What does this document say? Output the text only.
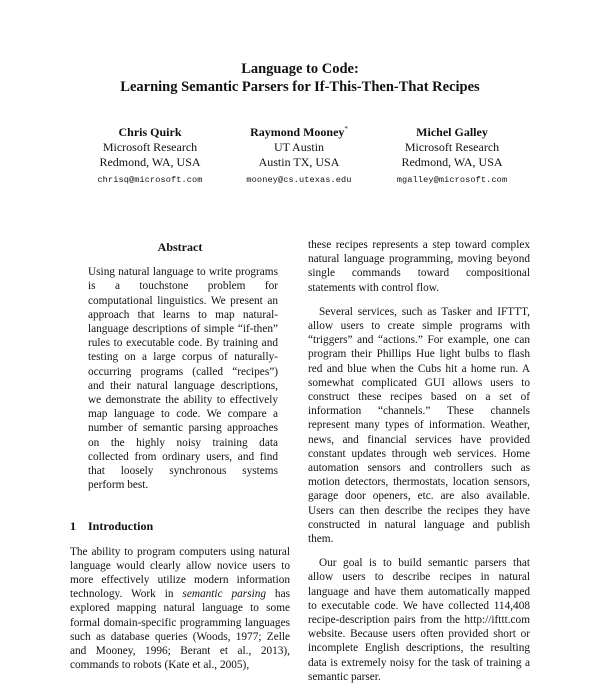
Language to Code:
Learning Semantic Parsers for If-This-Then-That Recipes
Chris Quirk
Microsoft Research
Redmond, WA, USA
chrisq@microsoft.com
Raymond Mooney*
UT Austin
Austin TX, USA
mooney@cs.utexas.edu
Michel Galley
Microsoft Research
Redmond, WA, USA
mgalley@microsoft.com
Abstract

Using natural language to write programs is a touchstone problem for computational linguistics. We present an approach that learns to map natural-language descriptions of simple “if-then” rules to executable code. By training and testing on a large corpus of naturally-occurring programs (called “recipes”) and their natural language descriptions, we demonstrate the ability to effectively map language to code. We compare a number of semantic parsing approaches on the highly noisy training data collected from ordinary users, and find that loosely synchronous systems perform best.

1 Introduction

The ability to program computers using natural language would clearly allow novice users to more effectively utilize modern information technology. Work in semantic parsing has explored mapping natural language to some formal domain-specific programming languages such as database queries (Woods, 1977; Zelle and Mooney, 1996; Berant et al., 2013), commands to robots (Kate et al., 2005),

these recipes represents a step toward complex natural language programming, moving beyond single commands toward compositional statements with control flow.

Several services, such as Tasker and IFTTT, allow users to create simple programs with “triggers” and “actions.” For example, one can program their Phillips Hue light bulbs to flash red and blue when the Cubs hit a home run. A somewhat complicated GUI allows users to construct these recipes based on a set of information “channels.” These channels represent many types of information. Weather, news, and financial services have provided constant updates through web services. Home automation sensors and controllers such as motion detectors, thermostats, location sensors, garage door openers, etc. are also available. Users can then describe the recipes they have constructed in natural language and publish them.

Our goal is to build semantic parsers that allow users to describe recipes in natural language and have them automatically mapped to executable code. We have collected 114,408 recipe-description pairs from the http://ifttt.com website. Because users often provided short or incomplete English descriptions, the resulting data is extremely noisy for the task of training a semantic parser.
